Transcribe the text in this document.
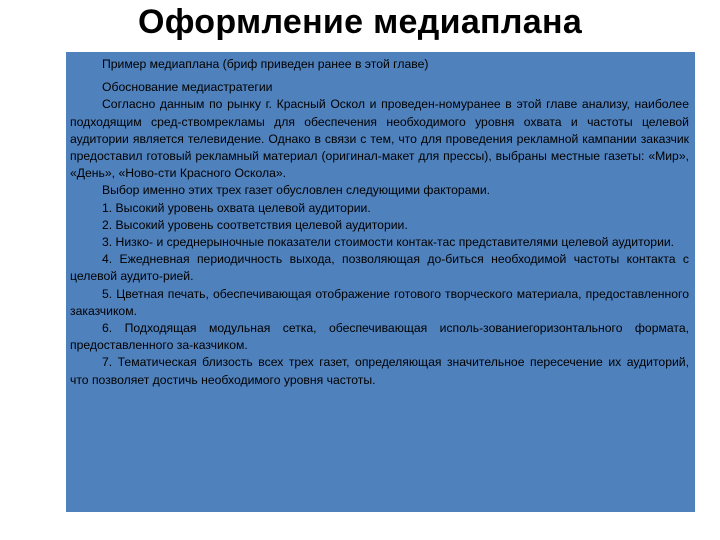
Оформление медиаплана

Пример медиаплана (бриф приведен ранее в этой главе)

Обоснование медиастратегии

Согласно данным по рынку г. Красный Оскол и проведен-номуранее в этой главе анализу, наиболее подходящим сред-ствомрекламы для обеспечения необходимого уровня охвата и частоты целевой аудитории является телевидение. Однако в связи с тем, что для проведения рекламной кампании заказчик предоставил готовый рекламный материал (оригинал-макет для прессы), выбраны местные газеты: «Мир», «День», «Ново-сти Красного Оскола».

Выбор именно этих трех газет обусловлен следующими факторами.

1. Высокий уровень охвата целевой аудитории.

2. Высокий уровень соответствия целевой аудитории.

3. Низко- и среднерыночные показатели стоимости контак-тас представителями целевой аудитории.

4. Ежедневная периодичность выхода, позволяющая до-биться необходимой частоты контакта с целевой аудито-рией.

5. Цветная печать, обеспечивающая отображение готового творческого материала, предоставленного заказчиком.

6. Подходящая модульная сетка, обеспечивающая исполь-зованиегоризонтального формата, предоставленного за-казчиком.

7. Тематическая близость всех трех газет, определяющая значительное пересечение их аудиторий, что позволяет достичь необходимого уровня частоты.
